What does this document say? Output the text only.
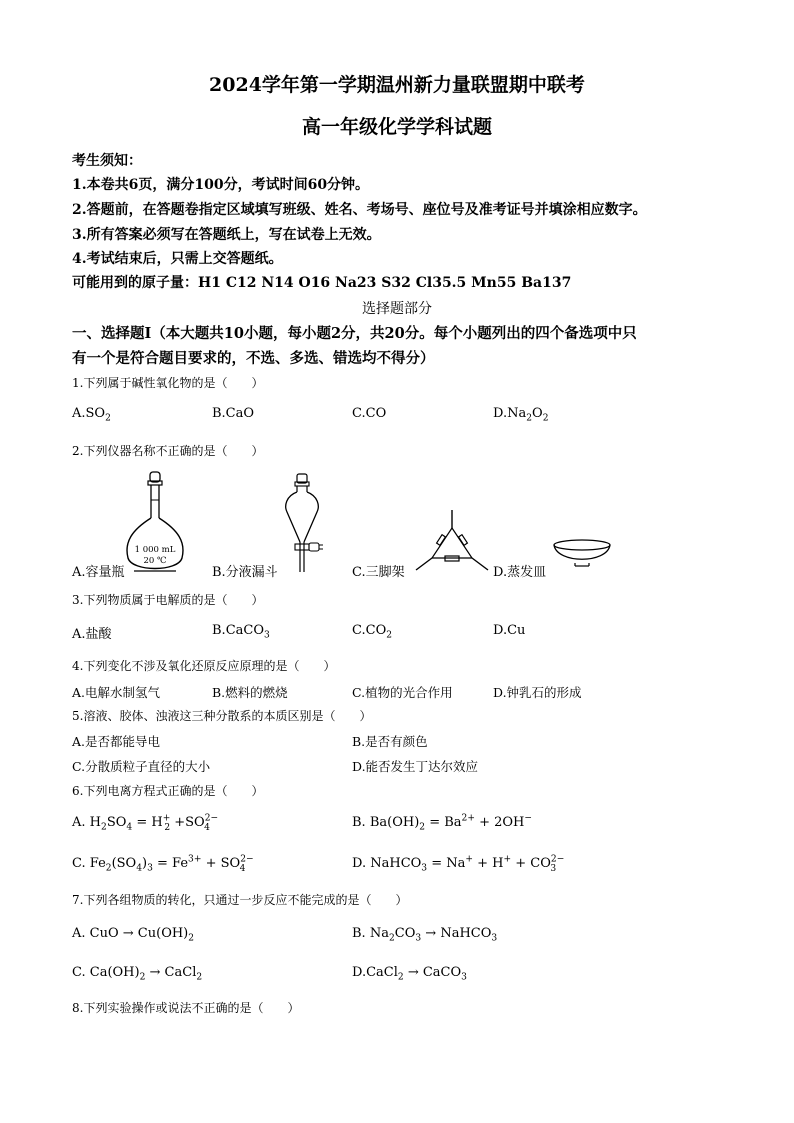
2024学年第一学期温州新力量联盟期中联考
高一年级化学学科试题
考生须知：
1.本卷共6页，满分100分，考试时间60分钟。
2.答题前，在答题卷指定区域填写班级、姓名、考场号、座位号及准考证号并填涂相应数字。
3.所有答案必须写在答题纸上，写在试卷上无效。
4.考试结束后，只需上交答题纸。
可能用到的原子量：H1 C12 N14 O16 Na23 S32 Cl35.5 Mn55 Ba137
选择题部分
一、选择题Ⅰ（本大题共10小题，每小题2分，共20分。每个小题列出的四个备选项中只
有一个是符合题目要求的，不选、多选、错选均不得分）
1.下列属于碱性氧化物的是（　　）
$A.SO_2$	B.CaO	C.CO	$D.Na_2O_2$
2.下列仪器名称不正确的是（　　）
1 000 mL
20 ℃
A.容量瓶	B.分液漏斗	C.三脚架	D.蒸发皿
3.下列物质属于电解质的是（　　）
A.盐酸	B.CaCO$_3$	$C.CO_2$	D.Cu
4.下列变化不涉及氧化还原反应原理的是（　　）
A.电解水制氢气	B.燃料的燃烧	C.植物的光合作用	D.钟乳石的形成
5.溶液、胶体、浊液这三种分散系的本质区别是（　　）
A.是否都能导电	B.是否有颜色
C.分散质粒子直径的大小	D.能否发生丁达尔效应
6.下列电离方程式正确的是（　　）
A. $H_2SO_4 = H^+_2 +SO^{2-}_4$	B. $Ba(OH)_2 = Ba^{2+} + 2OH^-$
C. $Fe_2(SO_4)_3 = Fe^{3+} + SO^{2-}_4$	D. NaHCO$_3$ = $Na^+ + H^+ + CO^{2-}_3$
7.下列各组物质的转化，只通过一步反应不能完成的是（　　）
A. CuO → $Cu(OH)_2$	B. $Na_2CO_3$ → NaHCO$_3$
C. $Ca(OH)_2$ → CaCl$_2$	D.CaCl$_2$ → CaCO$_3$
8.下列实验操作或说法不正确的是（　　）
